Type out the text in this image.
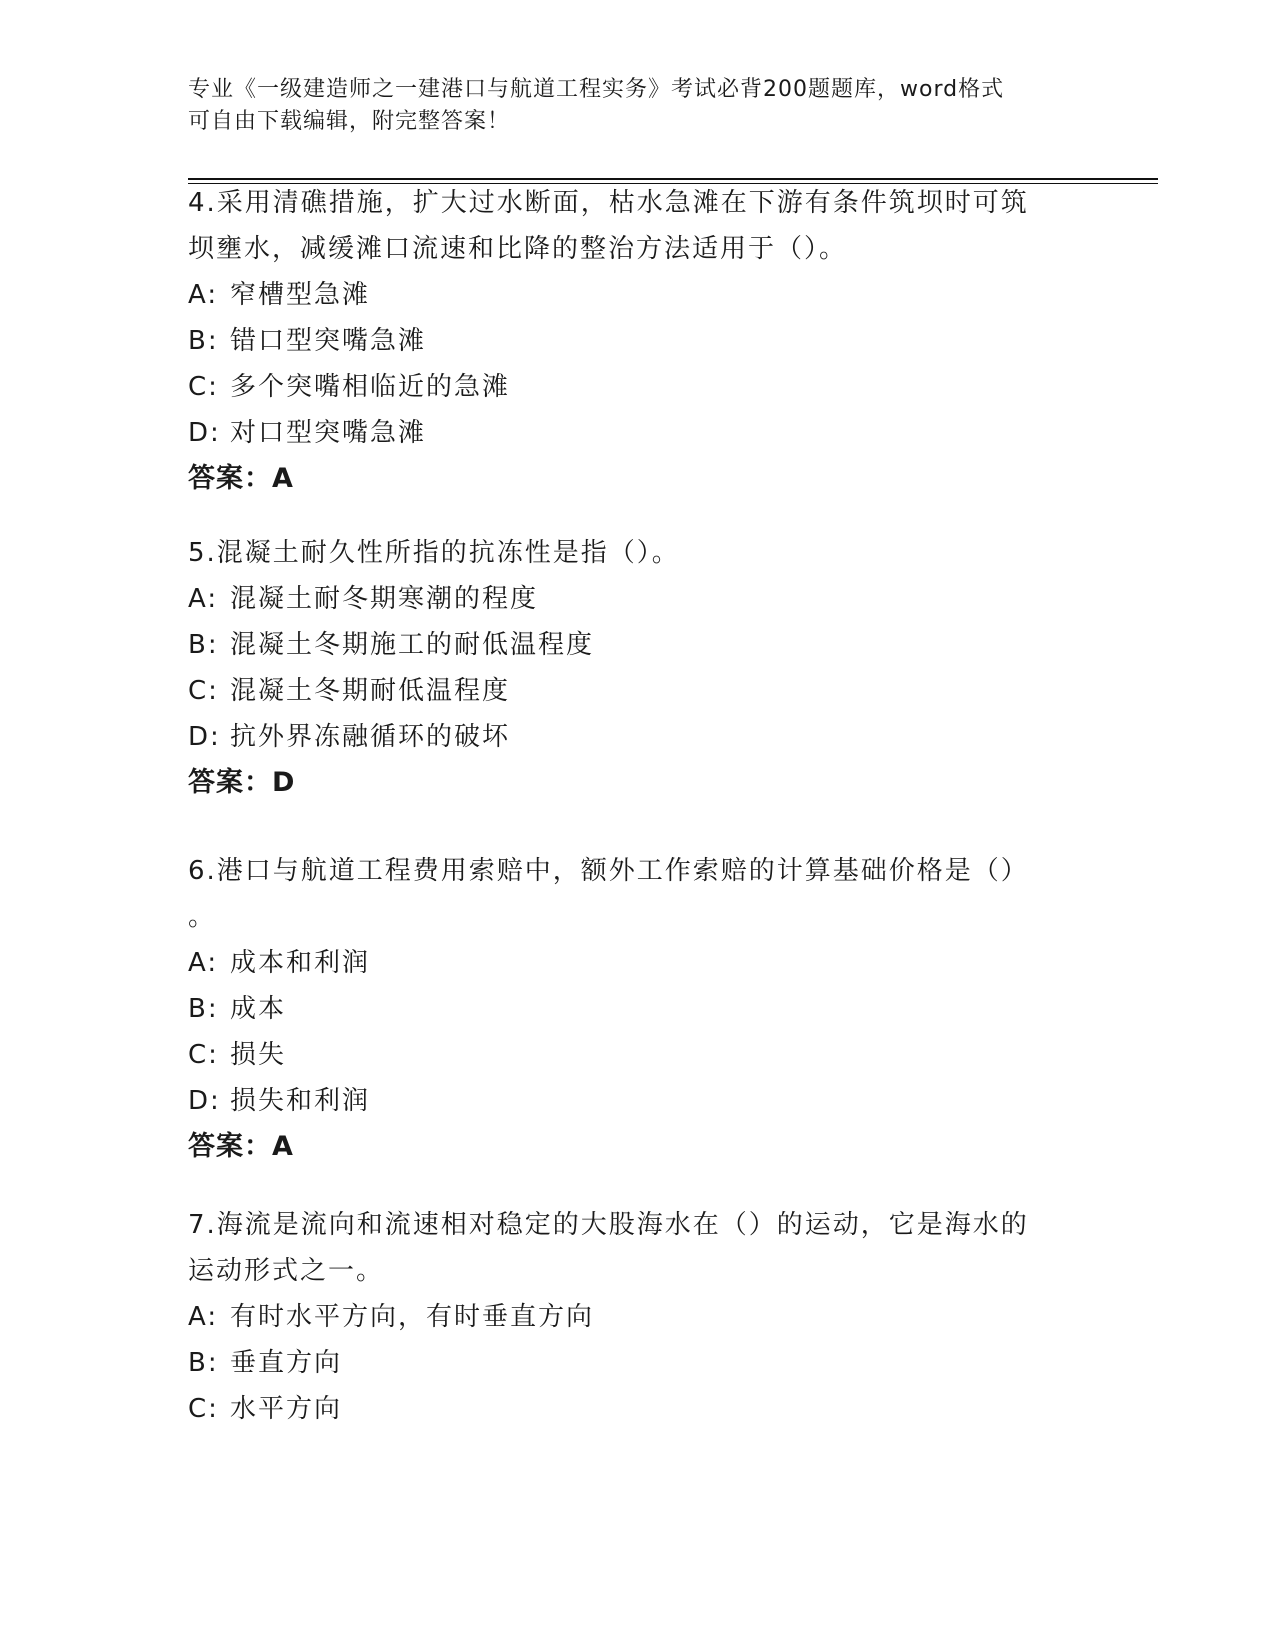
专业《一级建造师之一建港口与航道工程实务》考试必背200题题库，word格式
可自由下载编辑，附完整答案！
4.采用清礁措施，扩大过水断面，枯水急滩在下游有条件筑坝时可筑
坝壅水，减缓滩口流速和比降的整治方法适用于（）。
A: 窄槽型急滩
B: 错口型突嘴急滩
C: 多个突嘴相临近的急滩
D: 对口型突嘴急滩
答案：A
5.混凝土耐久性所指的抗冻性是指（）。
A: 混凝土耐冬期寒潮的程度
B: 混凝土冬期施工的耐低温程度
C: 混凝土冬期耐低温程度
D: 抗外界冻融循环的破坏
答案：D
6.港口与航道工程费用索赔中，额外工作索赔的计算基础价格是（）
。
A: 成本和利润
B: 成本
C: 损失
D: 损失和利润
答案：A
7.海流是流向和流速相对稳定的大股海水在（）的运动，它是海水的
运动形式之一。
A: 有时水平方向，有时垂直方向
B: 垂直方向
C: 水平方向
